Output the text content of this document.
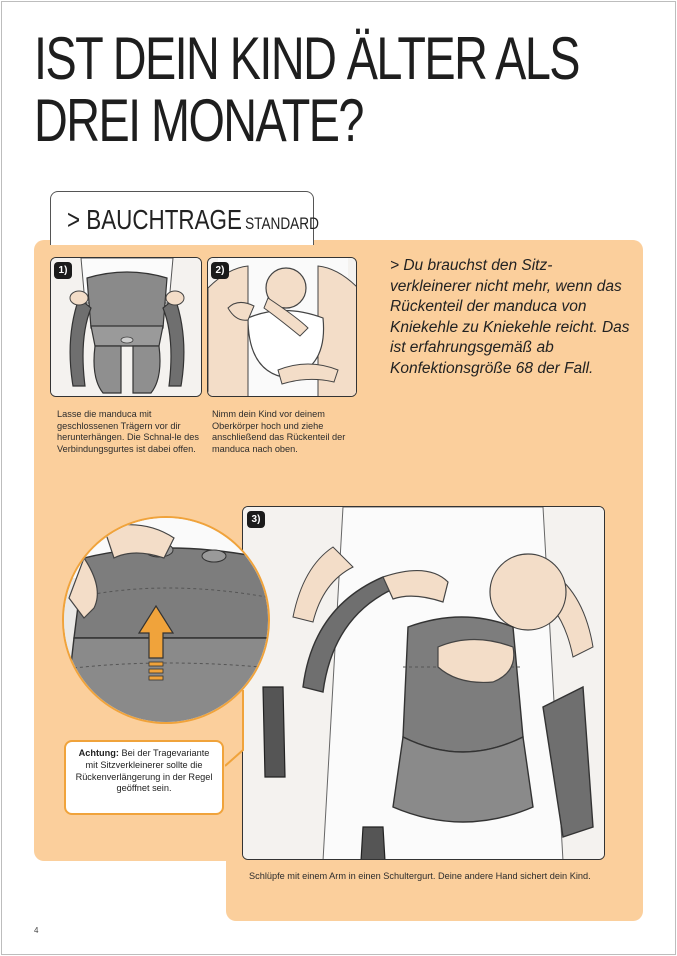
IST DEIN KIND ÄLTER ALS
DREI MONATE?
> BAUCHTRAGE STANDARD
1)	2)	> Du brauchst den Sitz-verkleinerer nicht mehr, wenn das Rückenteil der manduca von Kniekehle zu Kniekehle reicht. Das ist erfahrungsgemäß ab Konfektionsgröße 68 der Fall.
Lasse die manduca mit geschlossenen Trägern vor dir herunterhängen. Die Schnal-le des Verbindungsgurtes ist dabei offen.
Nimm dein Kind vor deinem Oberkörper hoch und ziehe anschließend das Rückenteil der manduca nach oben.
3)
Achtung: Bei der Tragevariante mit Sitzverkleinerer sollte die Rückenverlängerung in der Regel geöffnet sein.
Schlüpfe mit einem Arm in einen Schultergurt. Deine andere Hand sichert dein Kind.
4
